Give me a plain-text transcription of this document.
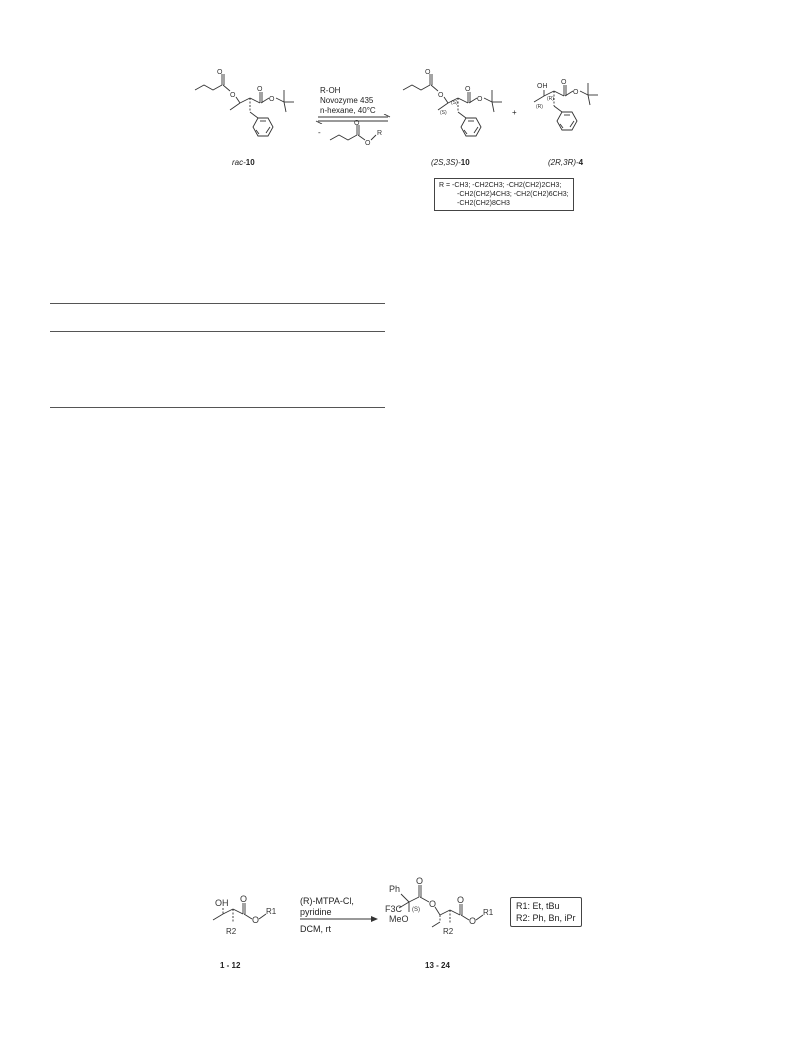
O
O
O
O
rac-10
R-OH
Novozyme 435
n-hexane, 40°C
-
O
O
R
O
O
O
O
(S)
(S)
(2S,3S)-10
+
OH
O
O
(R)
(R)
(2R,3R)-4
R = -CH3; -CH2CH3; -CH2(CH2)2CH3;
-CH2(CH2)4CH3; -CH2(CH2)6CH3;
-CH2(CH2)8CH3
OH O
O
R1
R2
1 - 12
(R)-MTPA-Cl,
pyridine
DCM, rt
O
Ph
F3C
MeO
(S)
O O
O
R1
R2
13 - 24
R1: Et, tBu
R2: Ph, Bn, iPr
